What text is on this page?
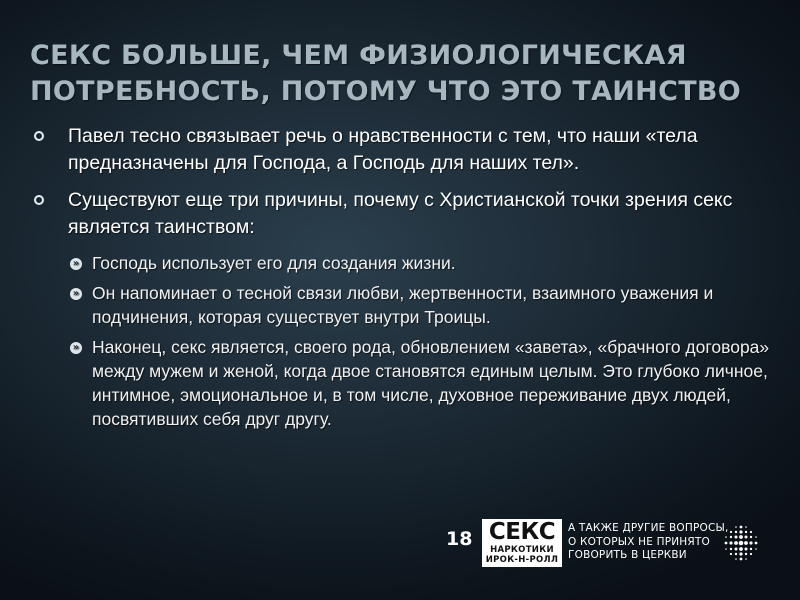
СЕКС БОЛЬШЕ, ЧЕМ ФИЗИОЛОГИЧЕСКАЯ ПОТРЕБНОСТЬ, ПОТОМУ ЧТО ЭТО ТАИНСТВО
Павел тесно связывает речь о нравственности с тем, что наши «тела предназначены для Господа, а Господь для наших тел».
Существуют еще три причины, почему с Христианской точки зрения секс является таинством:
» Господь использует его для создания жизни.
» Он напоминает о тесной связи любви, жертвенности, взаимного уважения и подчинения, которая существует внутри Троицы.
» Наконец, секс является, своего рода, обновлением «завета», «брачного договора» между мужем и женой, когда двое становятся единым целым. Это глубоко личное, интимное, эмоциональное и, в том числе, духовное переживание двух людей, посвятивших себя друг другу.
18 СЕКС
НАРКОТИКИ
ИРОК-Н-РОЛЛ
А ТАКЖЕ ДРУГИЕ ВОПРОСЫ,
О КОТОРЫХ НЕ ПРИНЯТО
ГОВОРИТЬ В ЦЕРКВИ
